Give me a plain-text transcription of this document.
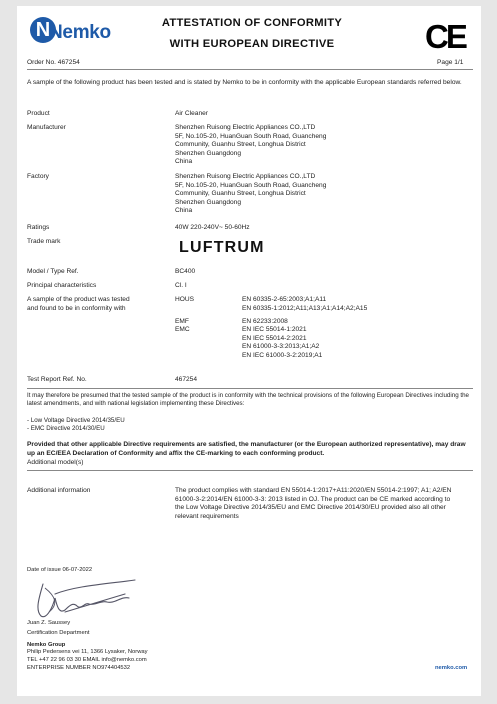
N
Nemko	ATTESTATION OF CONFORMITY
WITH EUROPEAN DIRECTIVE	CE
Order No. 467254	Page 1/1
A sample of the following product has been tested and is stated by Nemko to be in conformity with the applicable European standards referred below.
Product	Air Cleaner
Manufacturer	Shenzhen Ruisong Electric Appliances CO.,LTD
5F, No.105-20, HuanGuan South Road, Guancheng
Community, Guanhu Street, Longhua District
Shenzhen Guangdong
China
Factory	Shenzhen Ruisong Electric Appliances CO.,LTD
5F, No.105-20, HuanGuan South Road, Guancheng
Community, Guanhu Street, Longhua District
Shenzhen Guangdong
China
Ratings	40W 220-240V~ 50-60Hz
Trade mark	LUFTRUM
Model / Type Ref.	BC400
Principal characteristics	Cl. I
A sample of the product was tested
and found to be in conformity with
HOUS	EN 60335-2-65:2003;A1;A11
EN 60335-1:2012;A11;A13;A1;A14;A2;A15
EMF	EN 62233:2008
EMC	EN IEC 55014-1:2021
EN IEC 55014-2:2021
EN 61000-3-3:2013;A1;A2
EN IEC 61000-3-2:2019;A1
Test Report Ref. No.	467254
It may therefore be presumed that the tested sample of the product is in conformity with the technical provisions of the following European Directives including the latest amendments, and with national legislation implementing these Directives:
- Low Voltage Directive 2014/35/EU
- EMC Directive 2014/30/EU
Provided that other applicable Directive requirements are satisfied, the manufacturer (or the European authorized representative), may draw up an EC/EEA Declaration of Conformity and affix the CE-marking to each conforming product.
Additional model(s)
Additional information	The product complies with standard EN 55014-1:2017+A11:2020/EN 55014-2:1997; A1; A2/EN 61000-3-2:2014/EN 61000-3-3: 2013 listed in OJ. The product can be CE marked according to the Low Voltage Directive 2014/35/EU and EMC Directive 2014/30/EU provided also all other relevant requirements
Date of issue 06-07-2022
Juan Z. Saussey
Certification Department
Nemko Group
Philip Pedersens vei 11, 1366 Lysaker, Norway
TEL +47 22 96 03 30 EMAIL info@nemko.com
ENTERPRISE NUMBER NO974404532	nemko.com
